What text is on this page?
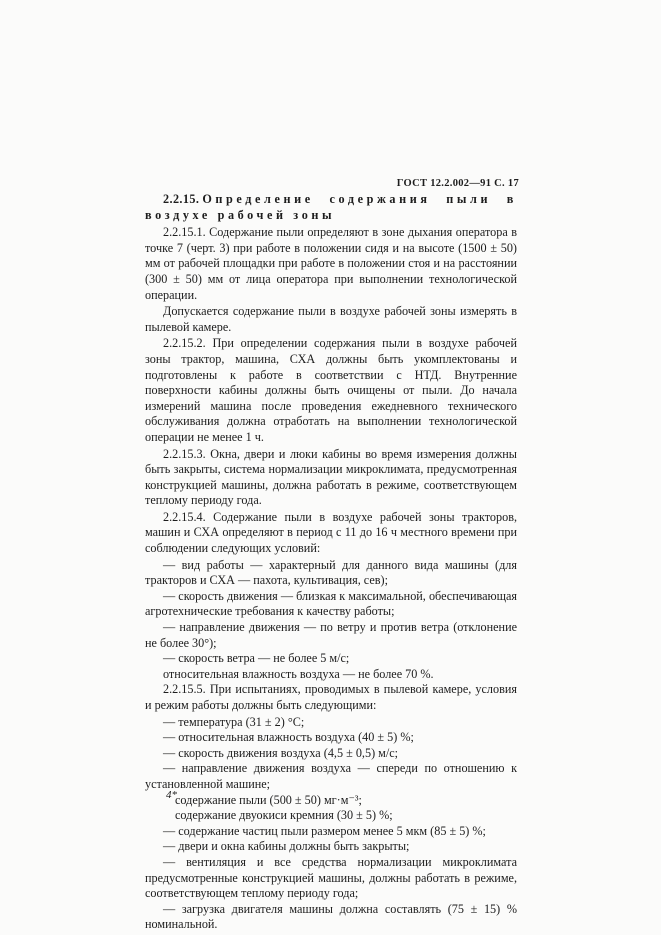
ГОСТ 12.2.002—91 С. 17
2.2.15. Определение содержания пыли в воздухе рабочей зоны

2.2.15.1. Содержание пыли определяют в зоне дыхания оператора в точке 7 (черт. 3) при работе в положении сидя и на высоте (1500 ± 50) мм от рабочей площадки при работе в положении стоя и на расстоянии (300 ± 50) мм от лица оператора при выполнении технологической операции.

Допускается содержание пыли в воздухе рабочей зоны измерять в пылевой камере.

2.2.15.2. При определении содержания пыли в воздухе рабочей зоны трактор, машина, СХА должны быть укомплектованы и подготовлены к работе в соответствии с НТД. Внутренние поверхности кабины должны быть очищены от пыли. До начала измерений машина после проведения ежедневного технического обслуживания должна отработать на выполнении технологической операции не менее 1 ч.

2.2.15.3. Окна, двери и люки кабины во время измерения должны быть закрыты, система нормализации микроклимата, предусмотренная конструкцией машины, должна работать в режиме, соответствующем теплому периоду года.

2.2.15.4. Содержание пыли в воздухе рабочей зоны тракторов, машин и СХА определяют в период с 11 до 16 ч местного времени при соблюдении следующих условий:

— вид работы — характерный для данного вида машины (для тракторов и СХА — пахота, культивация, сев);

— скорость движения — близкая к максимальной, обеспечивающая агротехнические требования к качеству работы;

— направление движения — по ветру и против ветра (отклонение не более 30°);

— скорость ветра — не более 5 м/с;

относительная влажность воздуха — не более 70 %.

2.2.15.5. При испытаниях, проводимых в пылевой камере, условия и режим работы должны быть следующими:

— температура (31 ± 2) °С;

— относительная влажность воздуха (40 ± 5) %;

— скорость движения воздуха (4,5 ± 0,5) м/с;

— направление движения воздуха — спереди по отношению к установленной машине;

содержание пыли (500 ± 50) мг·м⁻³;

содержание двуокиси кремния (30 ± 5) %;

— содержание частиц пыли размером менее 5 мкм (85 ± 5) %;

— двери и окна кабины должны быть закрыты;

— вентиляция и все средства нормализации микроклимата предусмотренные конструкцией машины, должны работать в режиме, соответствующем теплому периоду года;

— загрузка двигателя машины должна составлять (75 ± 15) % номинальной.

4*
